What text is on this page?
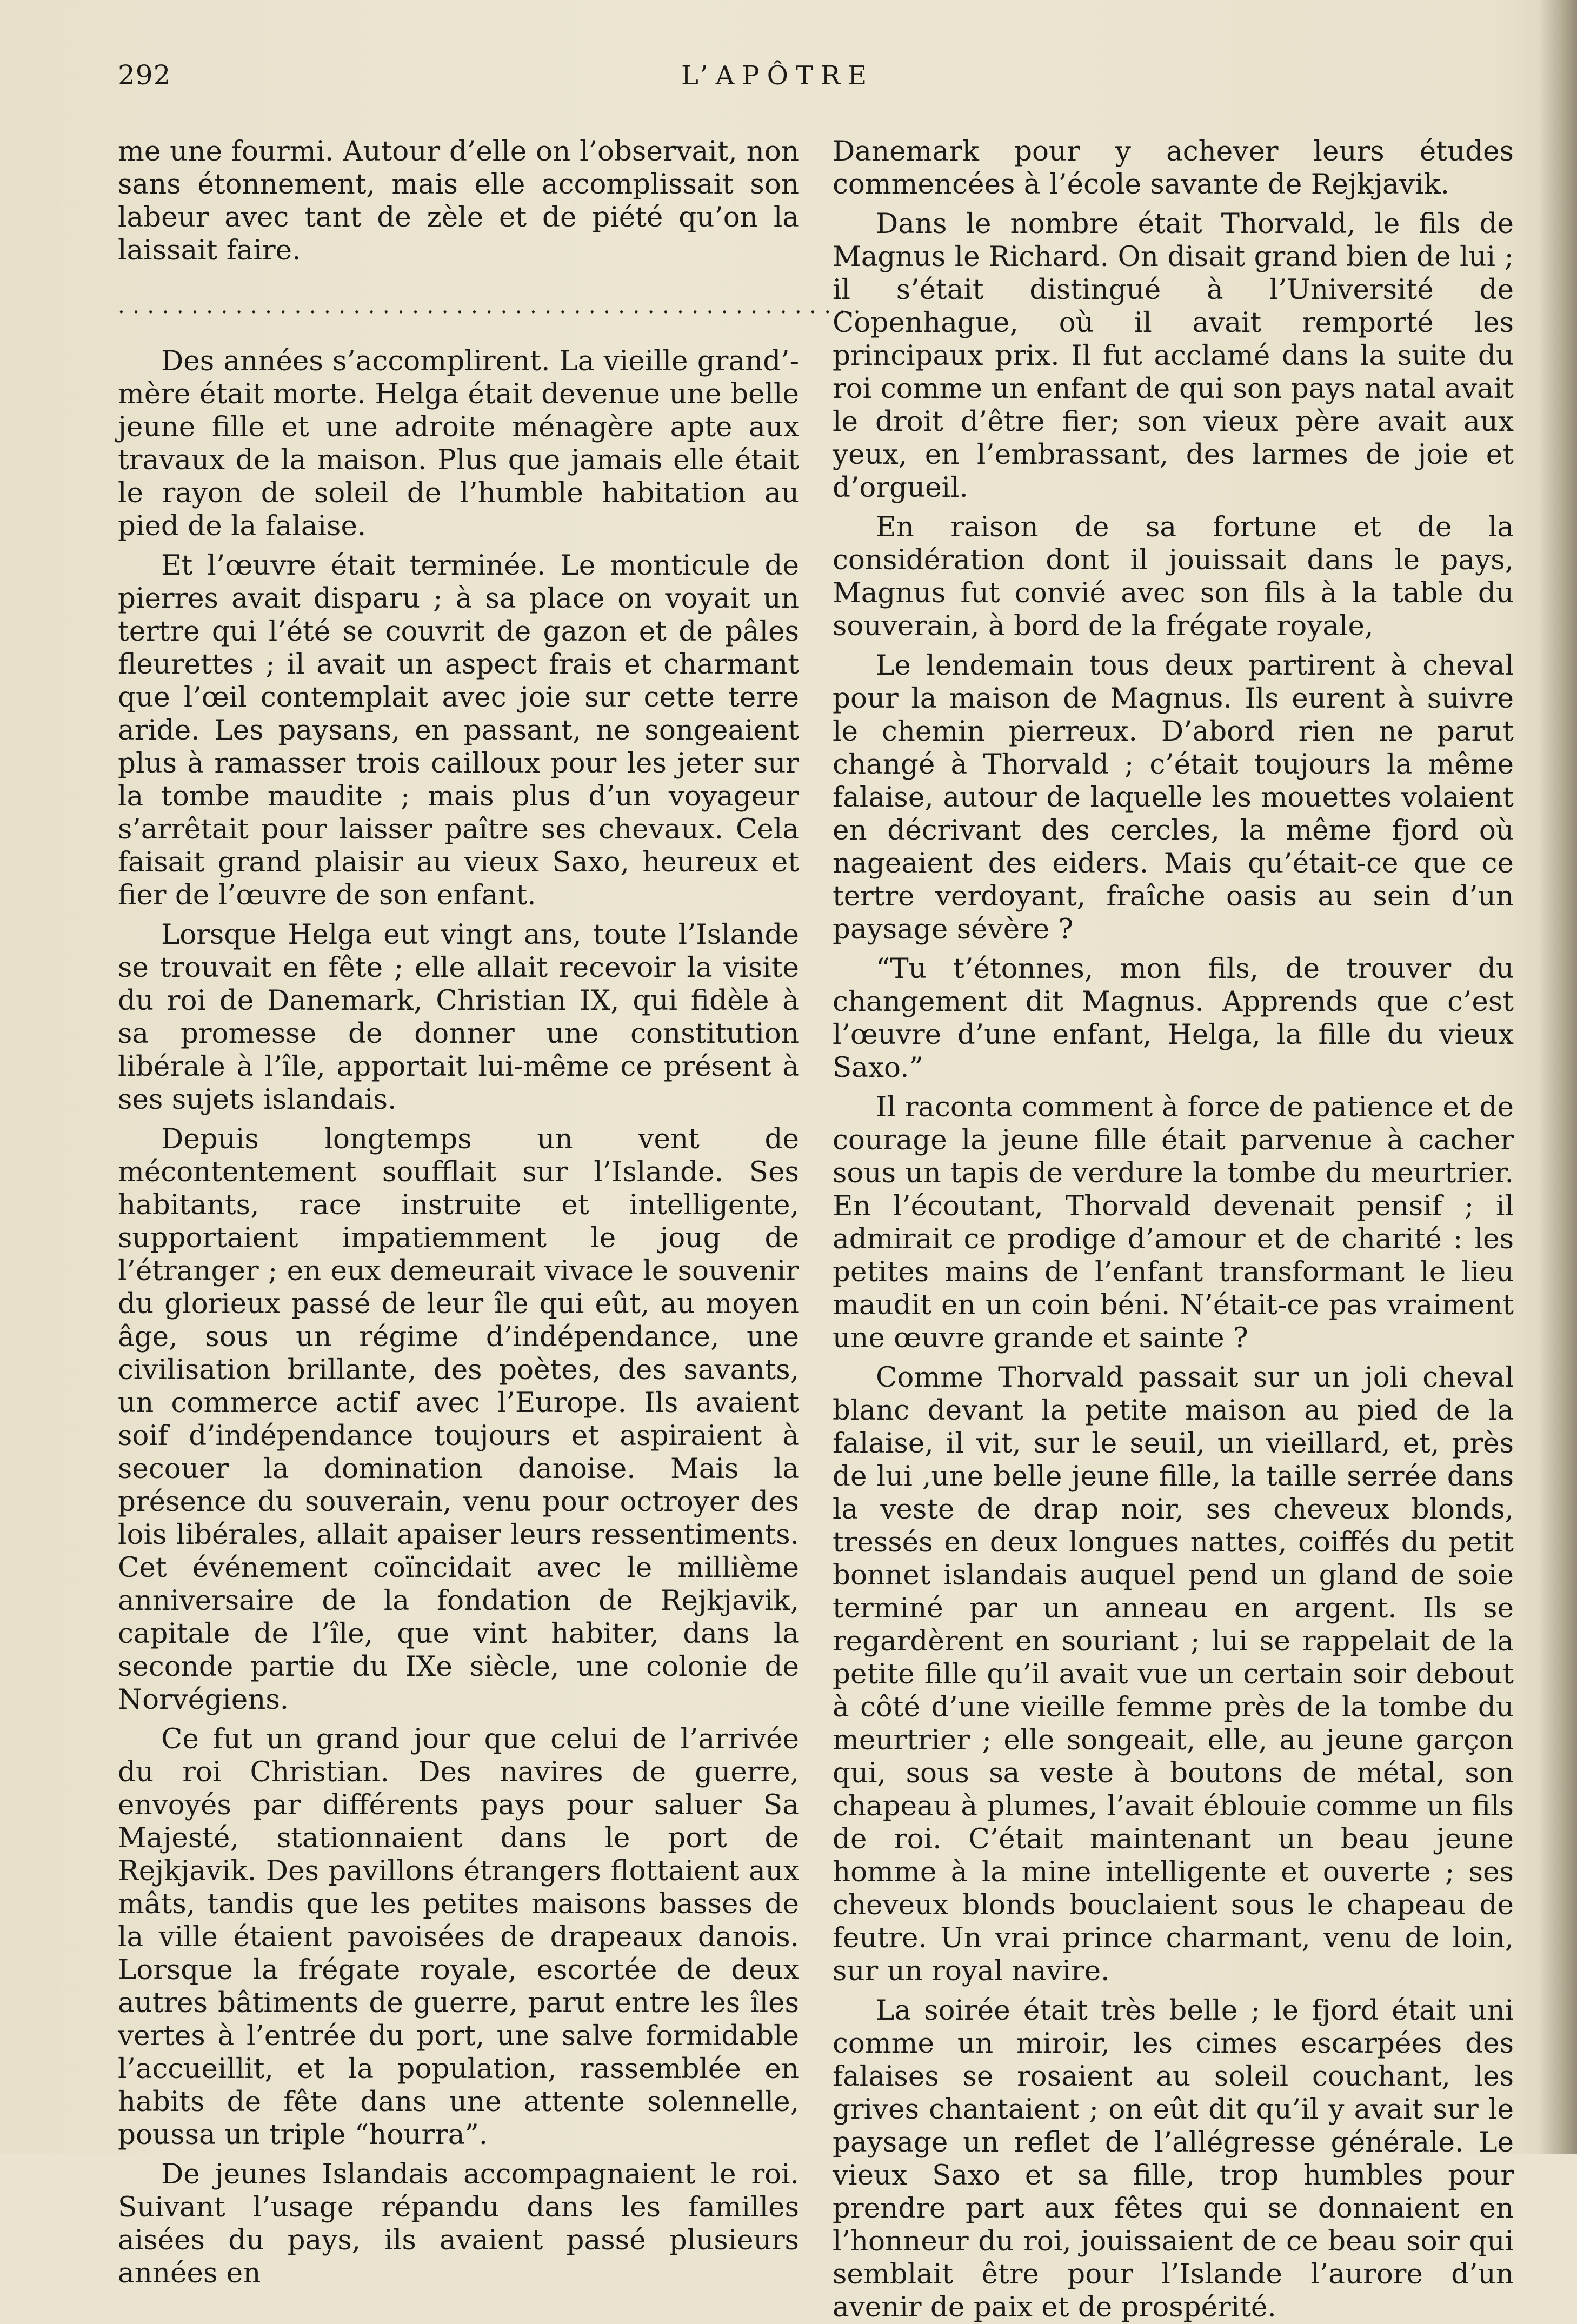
292	L’APÔTRE

me une fourmi. Autour d’elle on l’observait, non sans étonnement, mais elle accomplissait son labeur avec tant de zèle et de piété qu’on la laissait faire.

...................................................

Des années s’accomplirent. La vieille grand’-mère était morte. Helga était devenue une belle jeune fille et une adroite ménagère apte aux travaux de la maison. Plus que jamais elle était le rayon de soleil de l’humble habitation au pied de la falaise.

Et l’œuvre était terminée. Le monticule de pierres avait disparu ; à sa place on voyait un tertre qui l’été se couvrit de gazon et de pâles fleurettes ; il avait un aspect frais et charmant que l’œil contemplait avec joie sur cette terre aride. Les paysans, en passant, ne songeaient plus à ramasser trois cailloux pour les jeter sur la tombe maudite ; mais plus d’un voyageur s’arrêtait pour laisser paître ses chevaux. Cela faisait grand plaisir au vieux Saxo, heureux et fier de l’œuvre de son enfant.

Lorsque Helga eut vingt ans, toute l’Islande se trouvait en fête ; elle allait recevoir la visite du roi de Danemark, Christian IX, qui fidèle à sa promesse de donner une constitution libérale à l’île, apportait lui-même ce présent à ses sujets islandais.

Depuis longtemps un vent de mécontentement soufflait sur l’Islande. Ses habitants, race instruite et intelligente, supportaient impatiemment le joug de l’étranger ; en eux demeurait vivace le souvenir du glorieux passé de leur île qui eût, au moyen âge, sous un régime d’indépendance, une civilisation brillante, des poètes, des savants, un commerce actif avec l’Europe. Ils avaient soif d’indépendance toujours et aspiraient à secouer la domination danoise. Mais la présence du souverain, venu pour octroyer des lois libérales, allait apaiser leurs ressentiments. Cet événement coïncidait avec le millième anniversaire de la fondation de Rejkjavik, capitale de l’île, que vint habiter, dans la seconde partie du IXe siècle, une colonie de Norvégiens.

Ce fut un grand jour que celui de l’arrivée du roi Christian. Des navires de guerre, envoyés par différents pays pour saluer Sa Majesté, stationnaient dans le port de Rejkjavik. Des pavillons étrangers flottaient aux mâts, tandis que les petites maisons basses de la ville étaient pavoisées de drapeaux danois. Lorsque la frégate royale, escortée de deux autres bâtiments de guerre, parut entre les îles vertes à l’entrée du port, une salve formidable l’accueillit, et la population, rassemblée en habits de fête dans une attente solennelle, poussa un triple “hourra”.

De jeunes Islandais accompagnaient le roi. Suivant l’usage répandu dans les familles aisées du pays, ils avaient passé plusieurs années en

Danemark pour y achever leurs études commencées à l’école savante de Rejkjavik.

Dans le nombre était Thorvald, le fils de Magnus le Richard. On disait grand bien de lui ; il s’était distingué à l’Université de Copenhague, où il avait remporté les principaux prix. Il fut acclamé dans la suite du roi comme un enfant de qui son pays natal avait le droit d’être fier; son vieux père avait aux yeux, en l’embrassant, des larmes de joie et d’orgueil.

En raison de sa fortune et de la considération dont il jouissait dans le pays, Magnus fut convié avec son fils à la table du souverain, à bord de la frégate royale,

Le lendemain tous deux partirent à cheval pour la maison de Magnus. Ils eurent à suivre le chemin pierreux. D’abord rien ne parut changé à Thorvald ; c’était toujours la même falaise, autour de laquelle les mouettes volaient en décrivant des cercles, la même fjord où nageaient des eiders. Mais qu’était-ce que ce tertre verdoyant, fraîche oasis au sein d’un paysage sévère ?

“Tu t’étonnes, mon fils, de trouver du changement dit Magnus. Apprends que c’est l’œuvre d’une enfant, Helga, la fille du vieux Saxo.”

Il raconta comment à force de patience et de courage la jeune fille était parvenue à cacher sous un tapis de verdure la tombe du meurtrier. En l’écoutant, Thorvald devenait pensif ; il admirait ce prodige d’amour et de charité : les petites mains de l’enfant transformant le lieu maudit en un coin béni. N’était-ce pas vraiment une œuvre grande et sainte ?

Comme Thorvald passait sur un joli cheval blanc devant la petite maison au pied de la falaise, il vit, sur le seuil, un vieillard, et, près de lui ,une belle jeune fille, la taille serrée dans la veste de drap noir, ses cheveux blonds, tressés en deux longues nattes, coiffés du petit bonnet islandais auquel pend un gland de soie terminé par un anneau en argent. Ils se regardèrent en souriant ; lui se rappelait de la petite fille qu’il avait vue un certain soir debout à côté d’une vieille femme près de la tombe du meurtrier ; elle songeait, elle, au jeune garçon qui, sous sa veste à boutons de métal, son chapeau à plumes, l’avait éblouie comme un fils de roi. C’était maintenant un beau jeune homme à la mine intelligente et ouverte ; ses cheveux blonds bouclaient sous le chapeau de feutre. Un vrai prince charmant, venu de loin, sur un royal navire.

La soirée était très belle ; le fjord était uni comme un miroir, les cimes escarpées des falaises se rosaient au soleil couchant, les grives chantaient ; on eût dit qu’il y avait sur le paysage un reflet de l’allégresse générale. Le vieux Saxo et sa fille, trop humbles pour prendre part aux fêtes qui se donnaient en l’honneur du roi, jouissaient de ce beau soir qui semblait être pour l’Islande l’aurore d’un avenir de paix et de prospérité.
